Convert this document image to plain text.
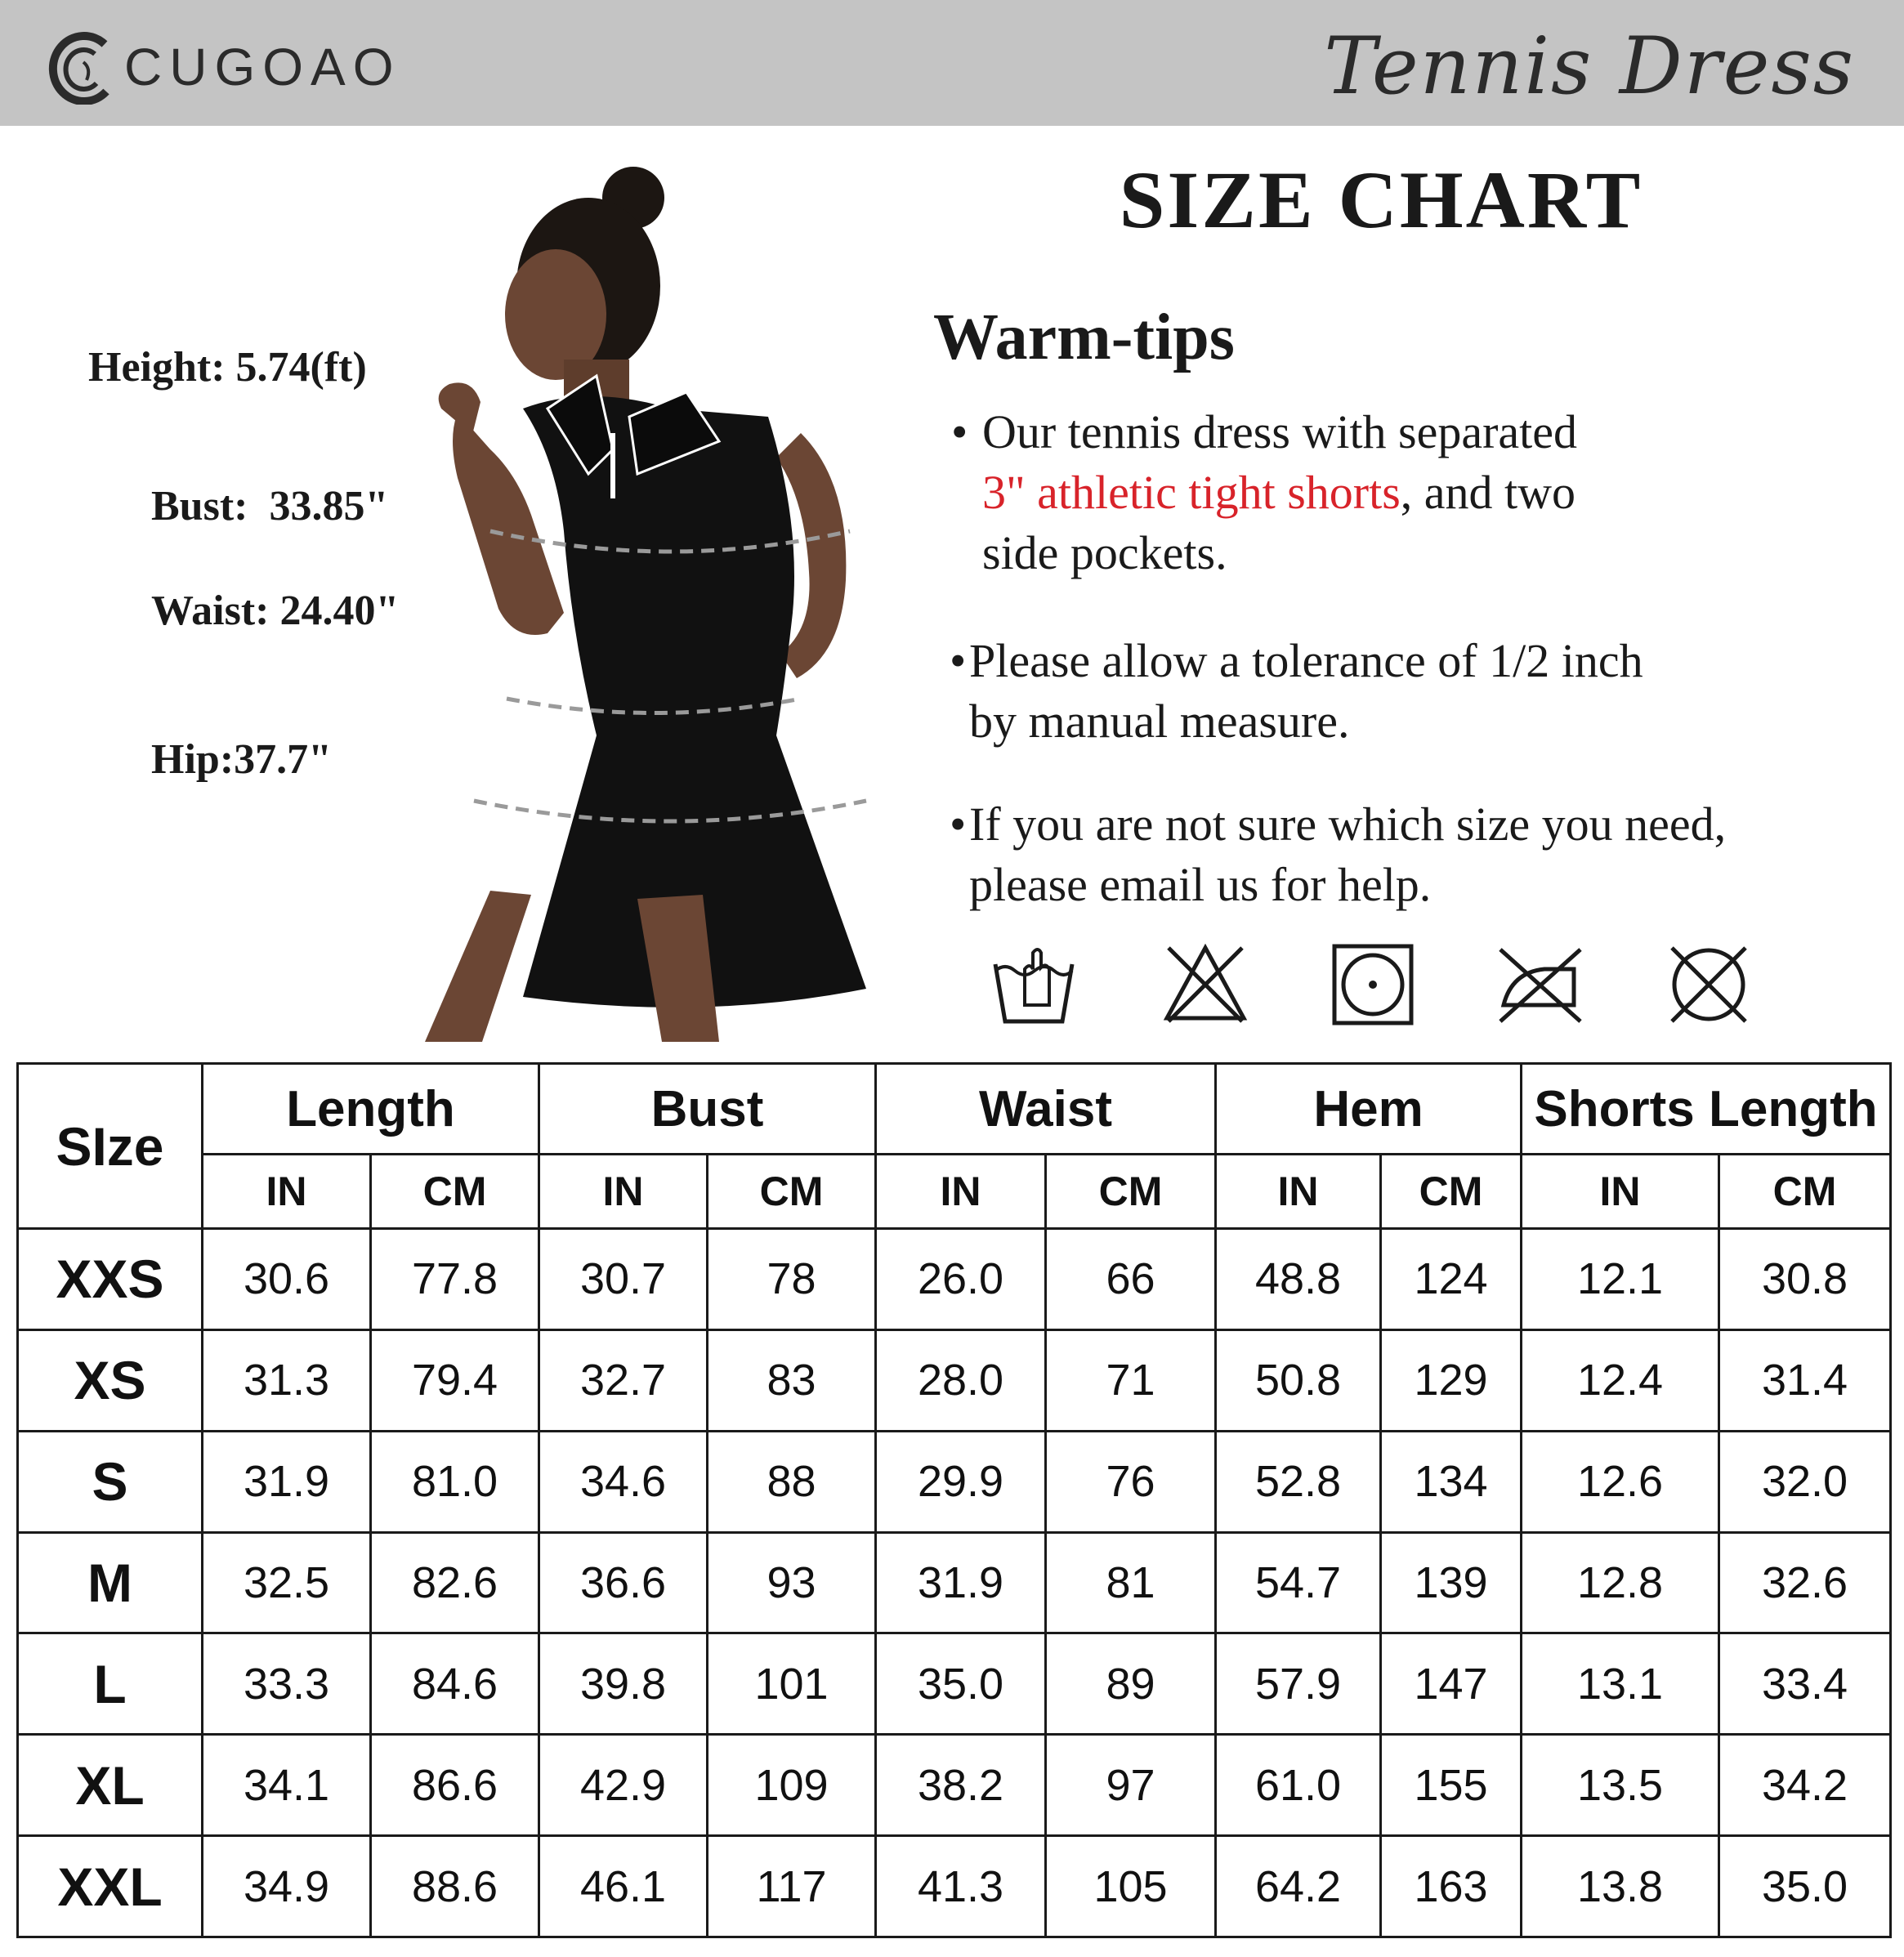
CUGOAO	Tennis Dress
Height: 5.74(ft)
Bust:  33.85"
Waist: 24.40"
Hip:37.7"
SIZE CHART
Warm-tips
• Our tennis dress with separated
3" athletic tight shorts, and two
side pockets.
• Please allow a tolerance of 1/2 inch
by manual measure.
• If you are not sure which size you need,
please email us for help.
SIze	Length		Bust		Waist		Hem		Shorts Length	
	IN	CM	IN	CM	IN	CM	IN	CM	IN	CM
XXS	30.6	77.8	30.7	78	26.0	66	48.8	124	12.1	30.8
XS	31.3	79.4	32.7	83	28.0	71	50.8	129	12.4	31.4
S	31.9	81.0	34.6	88	29.9	76	52.8	134	12.6	32.0
M	32.5	82.6	36.6	93	31.9	81	54.7	139	12.8	32.6
L	33.3	84.6	39.8	101	35.0	89	57.9	147	13.1	33.4
XL	34.1	86.6	42.9	109	38.2	97	61.0	155	13.5	34.2
XXL	34.9	88.6	46.1	117	41.3	105	64.2	163	13.8	35.0
